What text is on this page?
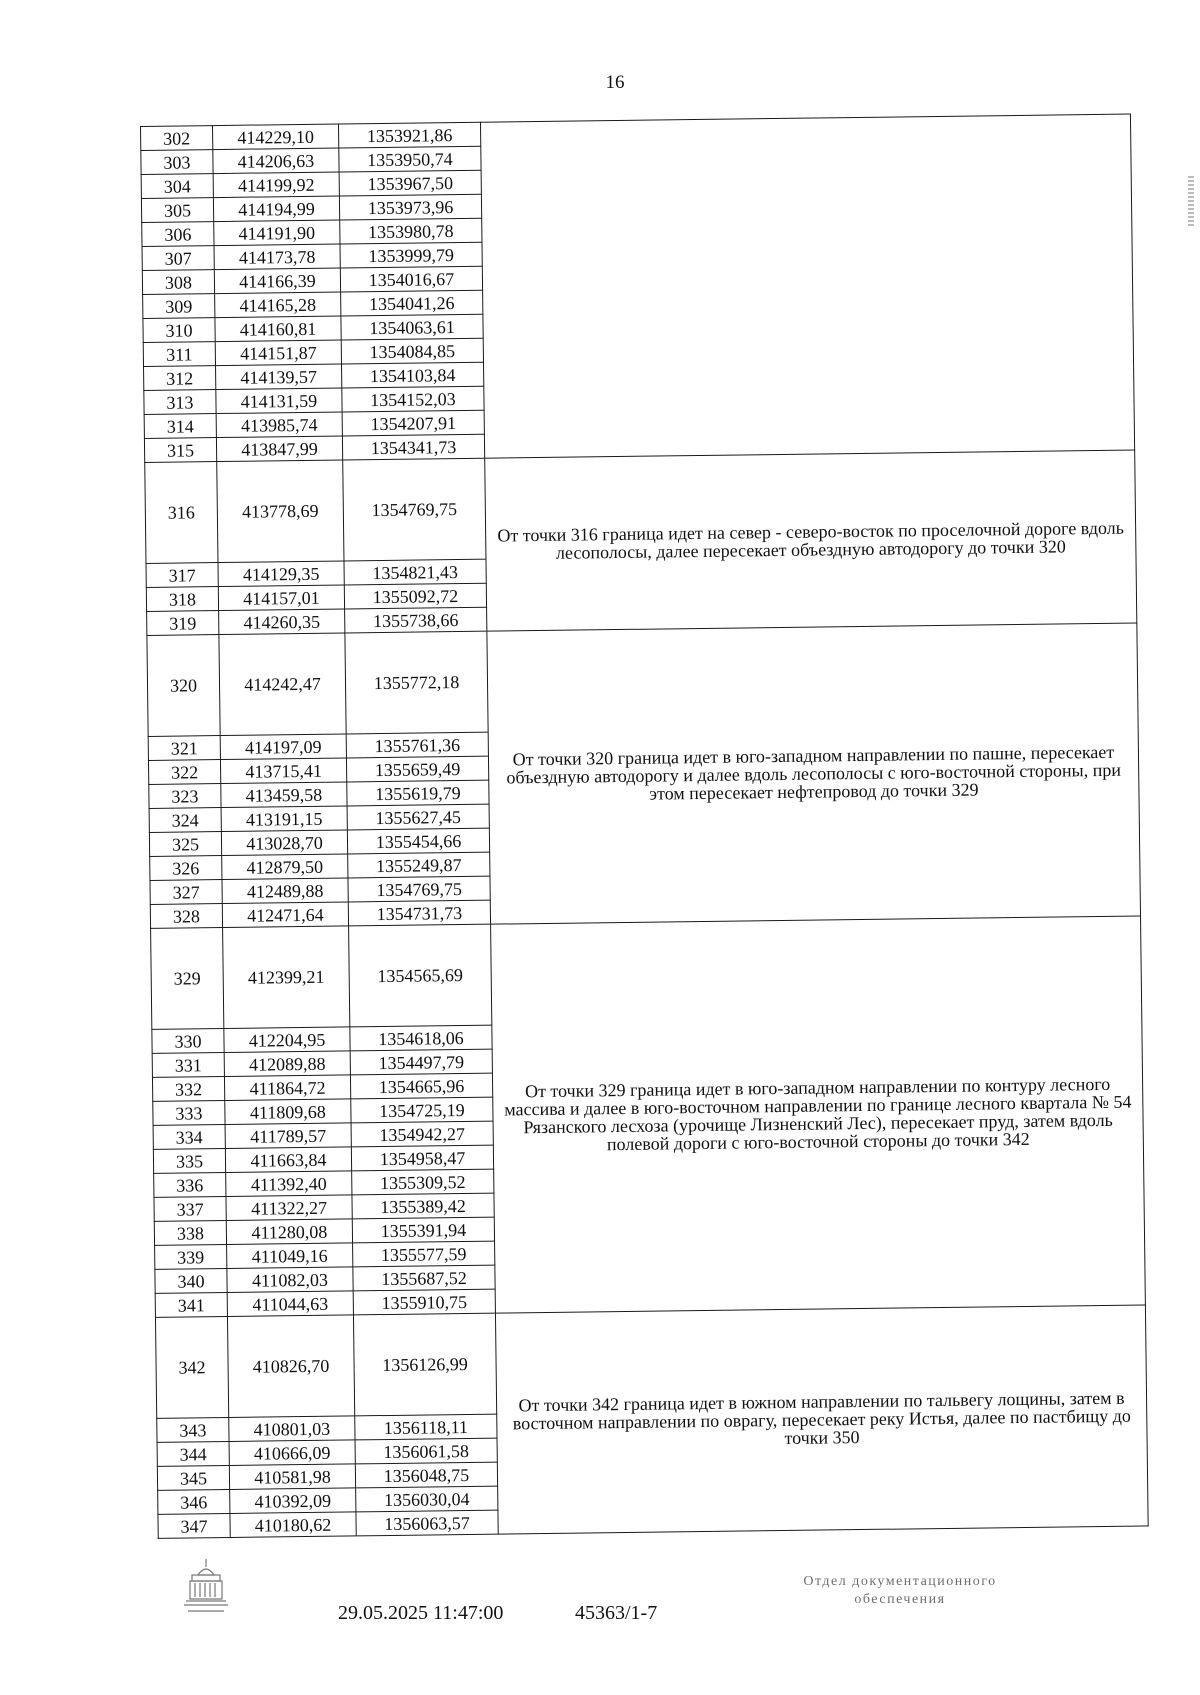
16
302	414229,10	1353921,86	
303	414206,63	1353950,74	
304	414199,92	1353967,50	
305	414194,99	1353973,96	
306	414191,90	1353980,78	
307	414173,78	1353999,79	
308	414166,39	1354016,67	
309	414165,28	1354041,26	
310	414160,81	1354063,61	
311	414151,87	1354084,85	
312	414139,57	1354103,84	
313	414131,59	1354152,03	
314	413985,74	1354207,91	
315	413847,99	1354341,73	
316	413778,69	1354769,75	От точки 316 граница идет на север - северо-восток по проселочной дороге вдоль лесополосы, далее пересекает объездную автодорогу до точки 320
317	414129,35	1354821,43	
318	414157,01	1355092,72	
319	414260,35	1355738,66	
320	414242,47	1355772,18	От точки 320 граница идет в юго-западном направлении по пашне, пересекает объездную автодорогу и далее вдоль лесополосы с юго-восточной стороны, при этом пересекает нефтепровод до точки 329
321	414197,09	1355761,36	
322	413715,41	1355659,49	
323	413459,58	1355619,79	
324	413191,15	1355627,45	
325	413028,70	1355454,66	
326	412879,50	1355249,87	
327	412489,88	1354769,75	
328	412471,64	1354731,73	
329	412399,21	1354565,69	От точки 329 граница идет в юго-западном направлении по контуру лесного массива и далее в юго-восточном направлении по границе лесного квартала № 54 Рязанского лесхоза (урочище Лизненский Лес), пересекает пруд, затем вдоль полевой дороги с юго-восточной стороны до точки 342
330	412204,95	1354618,06	
331	412089,88	1354497,79	
332	411864,72	1354665,96	
333	411809,68	1354725,19	
334	411789,57	1354942,27	
335	411663,84	1354958,47	
336	411392,40	1355309,52	
337	411322,27	1355389,42	
338	411280,08	1355391,94	
339	411049,16	1355577,59	
340	411082,03	1355687,52	
341	411044,63	1355910,75	
342	410826,70	1356126,99	От точки 342 граница идет в южном направлении по тальвегу лощины, затем в восточном направлении по оврагу, пересекает реку Истья, далее по пастбищу до точки 350
343	410801,03	1356118,11	
344	410666,09	1356061,58	
345	410581,98	1356048,75	
346	410392,09	1356030,04	
347	410180,62	1356063,57	
29.05.2025 11:47:00	45363/1-7
Отдел документационного
обеспечения
